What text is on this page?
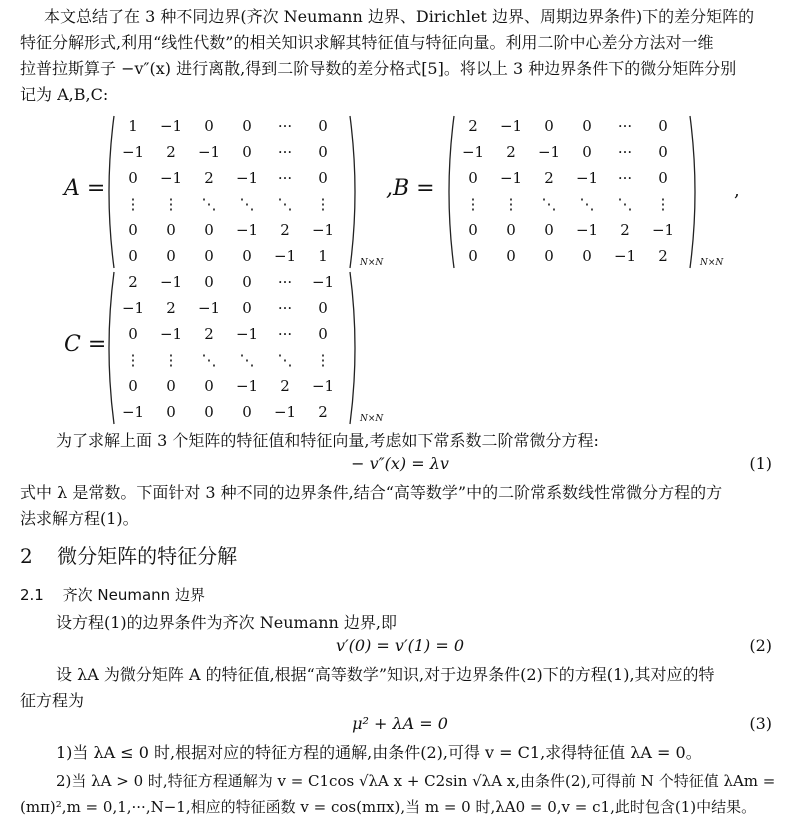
本文总结了在 3 种不同边界(齐次 Neumann 边界、Dirichlet 边界、周期边界条件)下的差分矩阵的
特征分解形式,利用“线性代数”的相关知识求解其特征值与特征向量。利用二阶中心差分方法对一维
拉普拉斯算子 −v″(x) 进行离散,得到二阶导数的差分格式[5]。将以上 3 种边界条件下的微分矩阵分别
记为 A,B,C:
A =
1	−1	0	0	···	0
−1	2	−1	0	···	0
0	−1	2	−1	···	0
⋮	⋮	⋱	⋱	⋱	⋮
0	0	0	−1	2	−1
0	0	0	0	−1	1	N×N
,B =
2	−1	0	0	···	0
−1	2	−1	0	···	0
0	−1	2	−1	···	0
⋮	⋮	⋱	⋱	⋱	⋮
0	0	0	−1	2	−1
0	0	0	0	−1	2	N×N
,
C =
2	−1	0	0	···	−1
−1	2	−1	0	···	0
0	−1	2	−1	···	0
⋮	⋮	⋱	⋱	⋱	⋮
0	0	0	−1	2	−1
−1	0	0	0	−1	2	N×N
为了求解上面 3 个矩阵的特征值和特征向量,考虑如下常系数二阶常微分方程:
− v″(x) = λv	(1)
式中 λ 是常数。下面针对 3 种不同的边界条件,结合“高等数学”中的二阶常系数线性常微分方程的方
法求解方程(1)。
2 微分矩阵的特征分解
2.1 齐次 Neumann 边界
设方程(1)的边界条件为齐次 Neumann 边界,即
v′(0) = v′(1) = 0	(2)
设 λA 为微分矩阵 A 的特征值,根据“高等数学”知识,对于边界条件(2)下的方程(1),其对应的特
征方程为
μ² + λA = 0	(3)
1)当 λA ≤ 0 时,根据对应的特征方程的通解,由条件(2),可得 v = C1,求得特征值 λA = 0。
2)当 λA > 0 时,特征方程通解为 v = C1cos √λA x + C2sin √λA x,由条件(2),可得前 N 个特征值 λAm =
(mπ)²,m = 0,1,···,N−1,相应的特征函数 v = cos(mπx),当 m = 0 时,λA0 = 0,v = c1,此时包含(1)中结果。
